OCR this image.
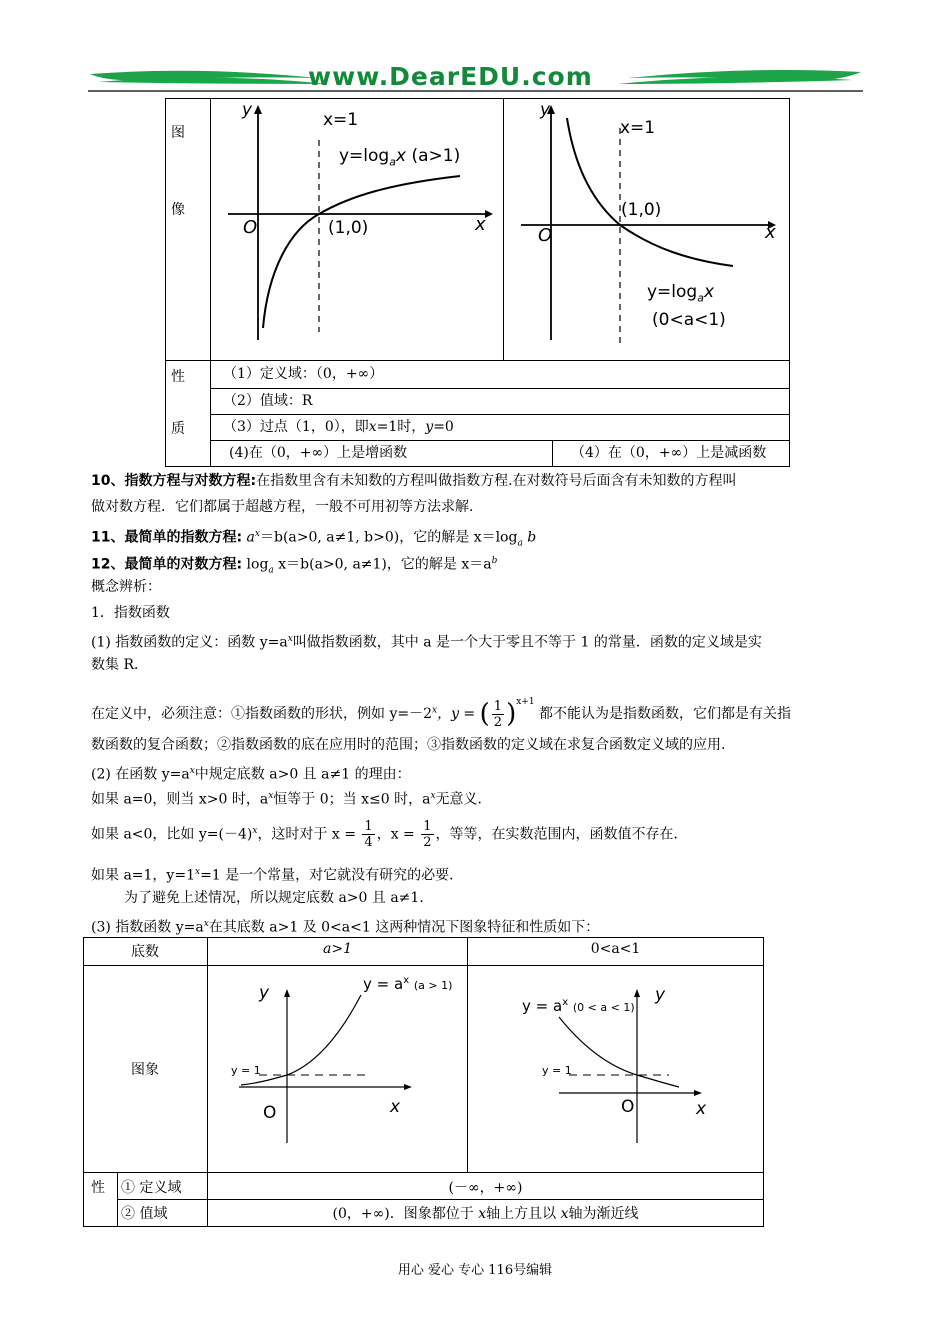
www.DearEDU.com
图
像
性
质
y
x
O
x=1
(1,0)
$y=\log_ax$ (a>1)
y
x
O
x=1
(1,0)
$y=\log_ax$
(0<a<1)
（1）定义域：（0，+∞）
（2）值域：R
（3）过点（1，0），即x=1时，y=0
(4)在（0，+∞）上是增函数	（4）在（0，+∞）上是减函数
10、指数方程与对数方程:在指数里含有未知数的方程叫做指数方程.在对数符号后面含有未知数的方程叫
做对数方程．它们都属于超越方程，一般不可用初等方法求解.
11、最简单的指数方程: $a^x=b(a>0$, a≠1, b>0)，它的解是 $x=\log_a$ b
12、最简单的对数方程: $\log_a x=b(a>0$, a≠1)，它的解是 $x=a^b$
概念辨析：
1．指数函数
(1) 指数函数的定义：函数 $y=a^x$叫做指数函数，其中 a 是一个大于零且不等于 1 的常量．函数的定义域是实
数集 R．
在定义中，必须注意：①指数函数的形状，例如 $y=-2^x$，y = ( $\frac{1}{2} )^{x+1}$ 都不能认为是指数函数，它们都是有关指
数函数的复合函数；②指数函数的底在应用时的范围；③指数函数的定义域在求复合函数定义域的应用．
(2) 在函数 $y=a^x$中规定底数 a>0 且 a≠1 的理由：
如果 a=0，则当 x>0 时，$a^x$恒等于 0；当 x≤0 时，$a^x$无意义．
如果 a<0，比如 $y=(-4)^x$，这时对于 $x = \frac{1}{4}$ ，$x = \frac{1}{2}$ ，等等，在实数范围内，函数值不存在．
如果 a=1，$y=1^x=1$ 是一个常量，对它就没有研究的必要．
为了避免上述情况，所以规定底数 a>0 且 a≠1．
(3) 指数函数 $y=a^x$在其底数 a>1 及 0<a<1 这两种情况下图象特征和性质如下：
底数	a>1	0<a<1
图象
y
x
O
y = 1
$y = a^x$ (a > 1)	y
x
O
y = 1
$y = a^x$ (0 < a < 1)
性 ① 定义域	(－∞，+∞)
② 值域	(0，+∞)．图象都位于 x轴上方且以 x轴为渐近线
用心 爱心 专心 116号编辑
